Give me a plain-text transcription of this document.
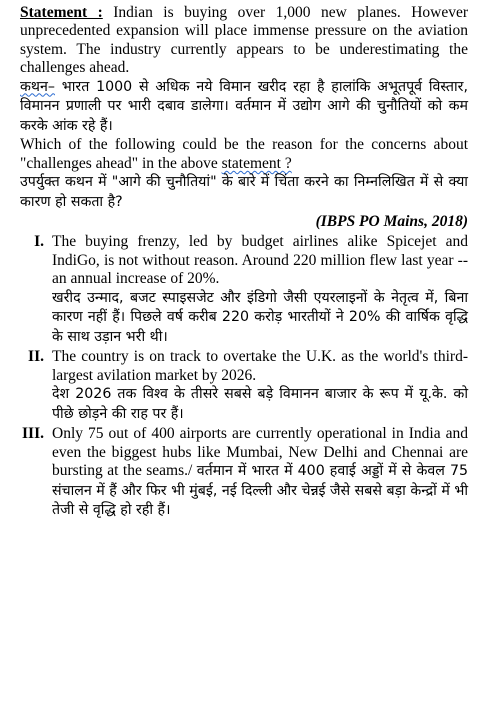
Statement : Indian is buying over 1,000 new planes. However unprecedented expansion will place immense pressure on the aviation system. The industry currently appears to be underestimating the challenges ahead.

कथन– भारत 1000 से अधिक नये विमान खरीद रहा है हालांकि अभूतपूर्व विस्तार, विमानन प्रणाली पर भारी दबाव डालेगा। वर्तमान में उद्योग आगे की चुनौतियों को कम करके आंक रहे हैं।

Which of the following could be the reason for the concerns about "challenges ahead" in the above statement ?

उपर्युक्त कथन में "आगे की चुनौतियां" के बारे में चिंता करने का निम्नलिखित में से क्या कारण हो सकता है?

(IBPS PO Mains, 2018)

I. The buying frenzy, led by budget airlines alike Spicejet and IndiGo, is not without reason. Around 220 million flew last year -- an annual increase of 20%.

खरीद उन्माद, बजट स्पाइसजेट और इंडिगो जैसी एयरलाइनों के नेतृत्व में, बिना कारण नहीं हैं। पिछले वर्ष करीब 220 करोड़ भारतीयों ने 20% की वार्षिक वृद्धि के साथ उड़ान भरी थी।

II. The country is on track to overtake the U.K. as the world's third-largest avilation market by 2026.

देश 2026 तक विश्व के तीसरे सबसे बड़े विमानन बाजार के रूप में यू.के. को पीछे छोड़ने की राह पर हैं।

III. Only 75 out of 400 airports are currently operational in India and even the biggest hubs like Mumbai, New Delhi and Chennai are bursting at the seams./ वर्तमान में भारत में 400 हवाई अड्डों में से केवल 75 संचालन में हैं और फिर भी मुंबई, नई दिल्ली और चेन्नई जैसे सबसे बड़ा केन्द्रों में भी तेजी से वृद्धि हो रही हैं।
